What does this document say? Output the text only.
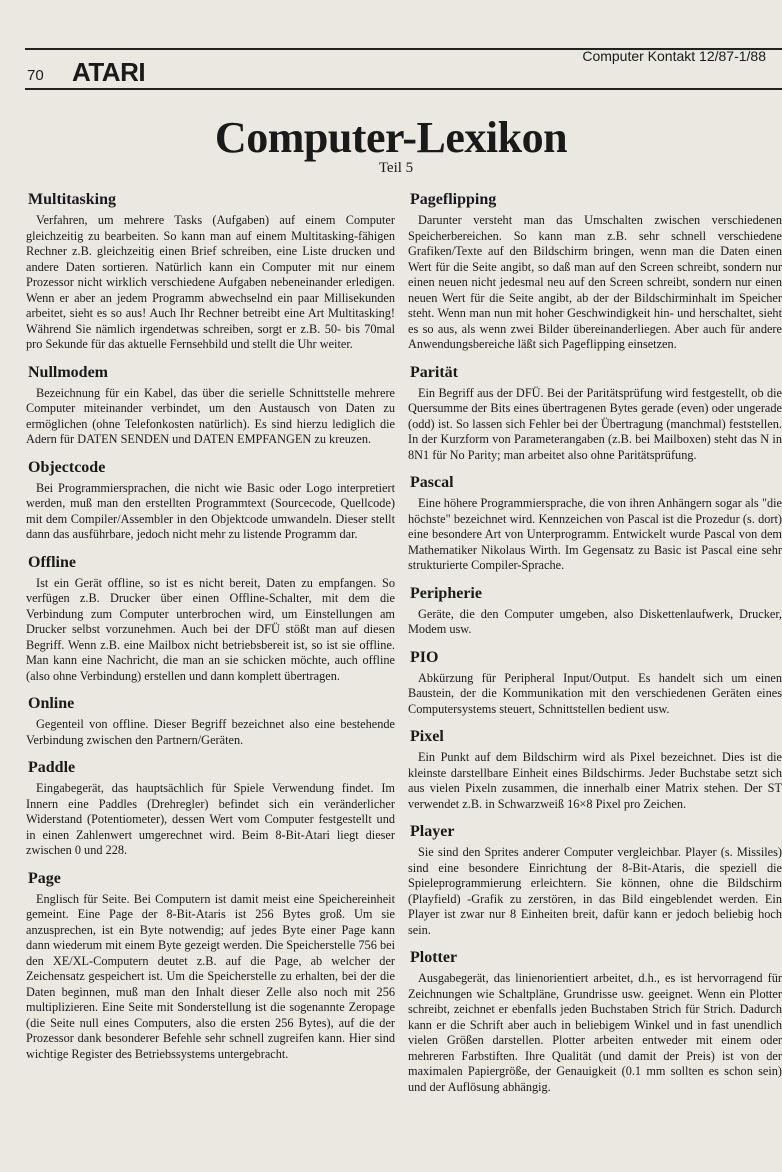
70 ATARI
Computer Kontakt 12/87-1/88
Computer-Lexikon
Teil 5
Multitasking

Verfahren, um mehrere Tasks (Aufgaben) auf einem Computer gleichzeitig zu bearbeiten. So kann man auf einem Multitasking-fähigen Rechner z.B. gleichzeitig einen Brief schreiben, eine Liste drucken und andere Daten sortieren. Natürlich kann ein Computer mit nur einem Prozessor nicht wirklich verschiedene Aufgaben nebeneinander erledigen. Wenn er aber an jedem Programm abwechselnd ein paar Millisekunden arbeitet, sieht es so aus! Auch Ihr Rechner betreibt eine Art Multitasking! Während Sie nämlich irgendetwas schreiben, sorgt er z.B. 50- bis 70mal pro Sekunde für das aktuelle Fernsehbild und stellt die Uhr weiter.

Nullmodem

Bezeichnung für ein Kabel, das über die serielle Schnittstelle mehrere Computer miteinander verbindet, um den Austausch von Daten zu ermöglichen (ohne Telefonkosten natürlich). Es sind hierzu lediglich die Adern für DATEN SENDEN und DATEN EMPFANGEN zu kreuzen.

Objectcode

Bei Programmiersprachen, die nicht wie Basic oder Logo interpretiert werden, muß man den erstellten Programmtext (Sourcecode, Quellcode) mit dem Compiler/Assembler in den Objektcode umwandeln. Dieser stellt dann das ausführbare, jedoch nicht mehr zu listende Programm dar.

Offline

Ist ein Gerät offline, so ist es nicht bereit, Daten zu empfangen. So verfügen z.B. Drucker über einen Offline-Schalter, mit dem die Verbindung zum Computer unterbrochen wird, um Einstellungen am Drucker selbst vorzunehmen. Auch bei der DFÜ stößt man auf diesen Begriff. Wenn z.B. eine Mailbox nicht betriebsbereit ist, so ist sie offline. Man kann eine Nachricht, die man an sie schicken möchte, auch offline (also ohne Verbindung) erstellen und dann komplett übertragen.

Online

Gegenteil von offline. Dieser Begriff bezeichnet also eine bestehende Verbindung zwischen den Partnern/Geräten.

Paddle

Eingabegerät, das hauptsächlich für Spiele Verwendung findet. Im Innern eine Paddles (Drehregler) befindet sich ein veränderlicher Widerstand (Potentiometer), dessen Wert vom Computer festgestellt und in einen Zahlenwert umgerechnet wird. Beim 8-Bit-Atari liegt dieser zwischen 0 und 228.

Page

Englisch für Seite. Bei Computern ist damit meist eine Speichereinheit gemeint. Eine Page der 8-Bit-Ataris ist 256 Bytes groß. Um sie anzusprechen, ist ein Byte notwendig; auf jedes Byte einer Page kann dann wiederum mit einem Byte gezeigt werden. Die Speicherstelle 756 bei den XE/XL-Computern deutet z.B. auf die Page, ab welcher der Zeichensatz gespeichert ist. Um die Speicherstelle zu erhalten, bei der die Daten beginnen, muß man den Inhalt dieser Zelle also noch mit 256 multiplizieren. Eine Seite mit Sonderstellung ist die sogenannte Zeropage (die Seite null eines Computers, also die ersten 256 Bytes), auf die der Prozessor dank besonderer Befehle sehr schnell zugreifen kann. Hier sind wichtige Register des Betriebssystems untergebracht.

Pageflipping

Darunter versteht man das Umschalten zwischen verschiedenen Speicherbereichen. So kann man z.B. sehr schnell verschiedene Grafiken/Texte auf den Bildschirm bringen, wenn man die Daten einen Wert für die Seite angibt, so daß man auf den Screen schreibt, sondern nur einen neuen nicht jedesmal neu auf den Screen schreibt, sondern nur einen neuen Wert für die Seite angibt, ab der der Bildschirminhalt im Speicher steht. Wenn man nun mit hoher Geschwindigkeit hin- und herschaltet, sieht es so aus, als wenn zwei Bilder übereinanderliegen. Aber auch für andere Anwendungsbereiche läßt sich Pageflipping einsetzen.

Parität

Ein Begriff aus der DFÜ. Bei der Paritätsprüfung wird festgestellt, ob die Quersumme der Bits eines übertragenen Bytes gerade (even) oder ungerade (odd) ist. So lassen sich Fehler bei der Übertragung (manchmal) feststellen. In der Kurzform von Parameterangaben (z.B. bei Mailboxen) steht das N in 8N1 für No Parity; man arbeitet also ohne Paritätsprüfung.

Pascal

Eine höhere Programmiersprache, die von ihren Anhängern sogar als "die höchste" bezeichnet wird. Kennzeichen von Pascal ist die Prozedur (s. dort) eine besondere Art von Unterprogramm. Entwickelt wurde Pascal von dem Mathematiker Nikolaus Wirth. Im Gegensatz zu Basic ist Pascal eine sehr strukturierte Compiler-Sprache.

Peripherie

Geräte, die den Computer umgeben, also Diskettenlaufwerk, Drucker, Modem usw.

PIO

Abkürzung für Peripheral Input/Output. Es handelt sich um einen Baustein, der die Kommunikation mit den verschiedenen Geräten eines Computersystems steuert, Schnittstellen bedient usw.

Pixel

Ein Punkt auf dem Bildschirm wird als Pixel bezeichnet. Dies ist die kleinste darstellbare Einheit eines Bildschirms. Jeder Buchstabe setzt sich aus vielen Pixeln zusammen, die innerhalb einer Matrix stehen. Der ST verwendet z.B. in Schwarzweiß 16×8 Pixel pro Zeichen.

Player

Sie sind den Sprites anderer Computer vergleichbar. Player (s. Missiles) sind eine besondere Einrichtung der 8-Bit-Ataris, die speziell die Spieleprogrammierung erleichtern. Sie können, ohne die Bildschirm (Playfield) -Grafik zu zerstören, in das Bild eingeblendet werden. Ein Player ist zwar nur 8 Einheiten breit, dafür kann er jedoch beliebig hoch sein.

Plotter

Ausgabegerät, das linienorientiert arbeitet, d.h., es ist hervorragend für Zeichnungen wie Schaltpläne, Grundrisse usw. geeignet. Wenn ein Plotter schreibt, zeichnet er ebenfalls jeden Buchstaben Strich für Strich. Dadurch kann er die Schrift aber auch in beliebigem Winkel und in fast unendlich vielen Größen darstellen. Plotter arbeiten entweder mit einem oder mehreren Farbstiften. Ihre Qualität (und damit der Preis) ist von der maximalen Papiergröße, der Genauigkeit (0.1 mm sollten es schon sein) und der Auflösung abhängig.
